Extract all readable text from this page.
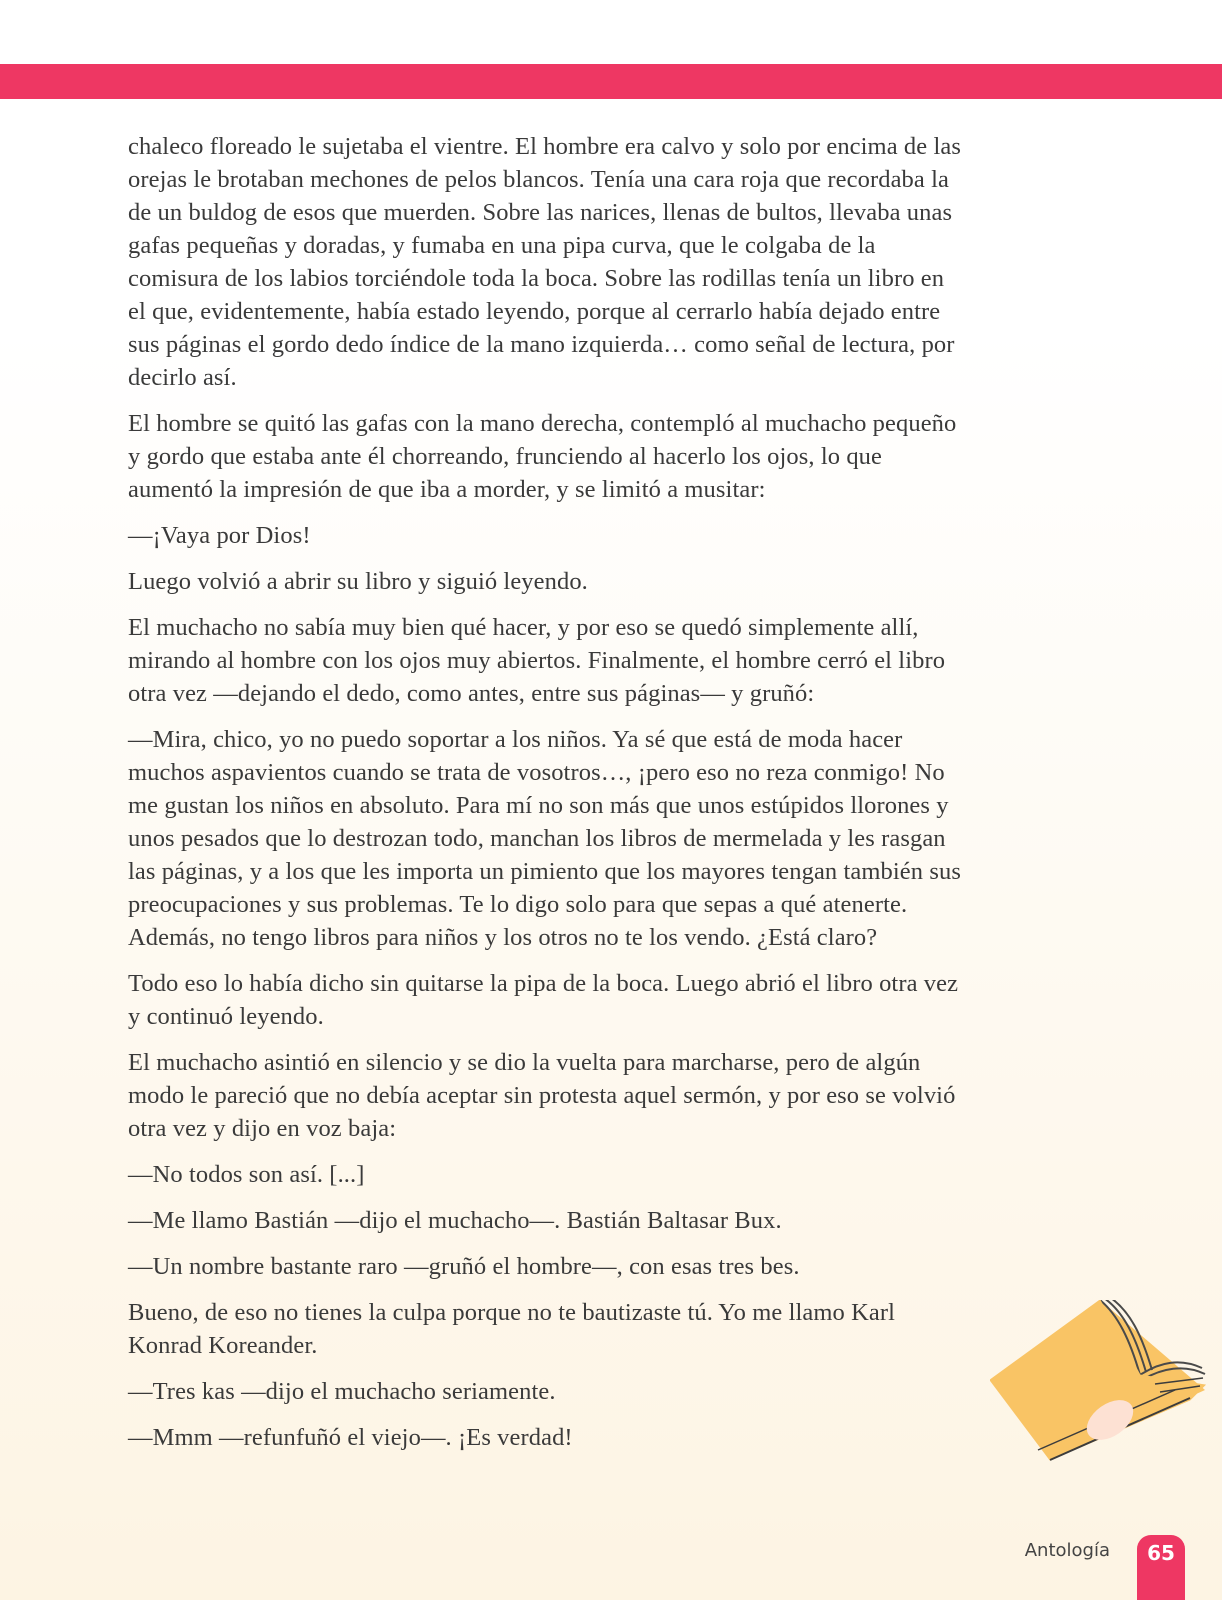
chaleco floreado le sujetaba el vientre. El hombre era calvo y solo por encima de las orejas le brotaban mechones de pelos blancos. Tenía una cara roja que recordaba la de un buldog de esos que muerden. Sobre las narices, llenas de bultos, llevaba unas gafas pequeñas y doradas, y fumaba en una pipa curva, que le colgaba de la comisura de los labios torciéndole toda la boca. Sobre las rodillas tenía un libro en el que, evidentemente, había estado leyendo, porque al cerrarlo había dejado entre sus páginas el gordo dedo índice de la mano izquierda… como señal de lectura, por decirlo así.

El hombre se quitó las gafas con la mano derecha, contempló al muchacho pequeño y gordo que estaba ante él chorreando, frunciendo al hacerlo los ojos, lo que aumentó la impresión de que iba a morder, y se limitó a musitar:

—¡Vaya por Dios!

Luego volvió a abrir su libro y siguió leyendo.

El muchacho no sabía muy bien qué hacer, y por eso se quedó simplemente allí, mirando al hombre con los ojos muy abiertos. Finalmente, el hombre cerró el libro otra vez —dejando el dedo, como antes, entre sus páginas— y gruñó:

—Mira, chico, yo no puedo soportar a los niños. Ya sé que está de moda hacer muchos aspavientos cuando se trata de vosotros…, ¡pero eso no reza conmigo! No me gustan los niños en absoluto. Para mí no son más que unos estúpidos llorones y unos pesados que lo destrozan todo, manchan los libros de mermelada y les rasgan las páginas, y a los que les importa un pimiento que los mayores tengan también sus preocupaciones y sus problemas. Te lo digo solo para que sepas a qué atenerte. Además, no tengo libros para niños y los otros no te los vendo. ¿Está claro?

Todo eso lo había dicho sin quitarse la pipa de la boca. Luego abrió el libro otra vez y continuó leyendo.

El muchacho asintió en silencio y se dio la vuelta para marcharse, pero de algún modo le pareció que no debía aceptar sin protesta aquel sermón, y por eso se volvió otra vez y dijo en voz baja:

—No todos son así. [...]

—Me llamo Bastián —dijo el muchacho—. Bastián Baltasar Bux.

—Un nombre bastante raro —gruñó el hombre—, con esas tres bes.

Bueno, de eso no tienes la culpa porque no te bautizaste tú. Yo me llamo Karl Konrad Koreander.

—Tres kas —dijo el muchacho seriamente.

—Mmm —refunfuñó el viejo—. ¡Es verdad!

Antología	65
